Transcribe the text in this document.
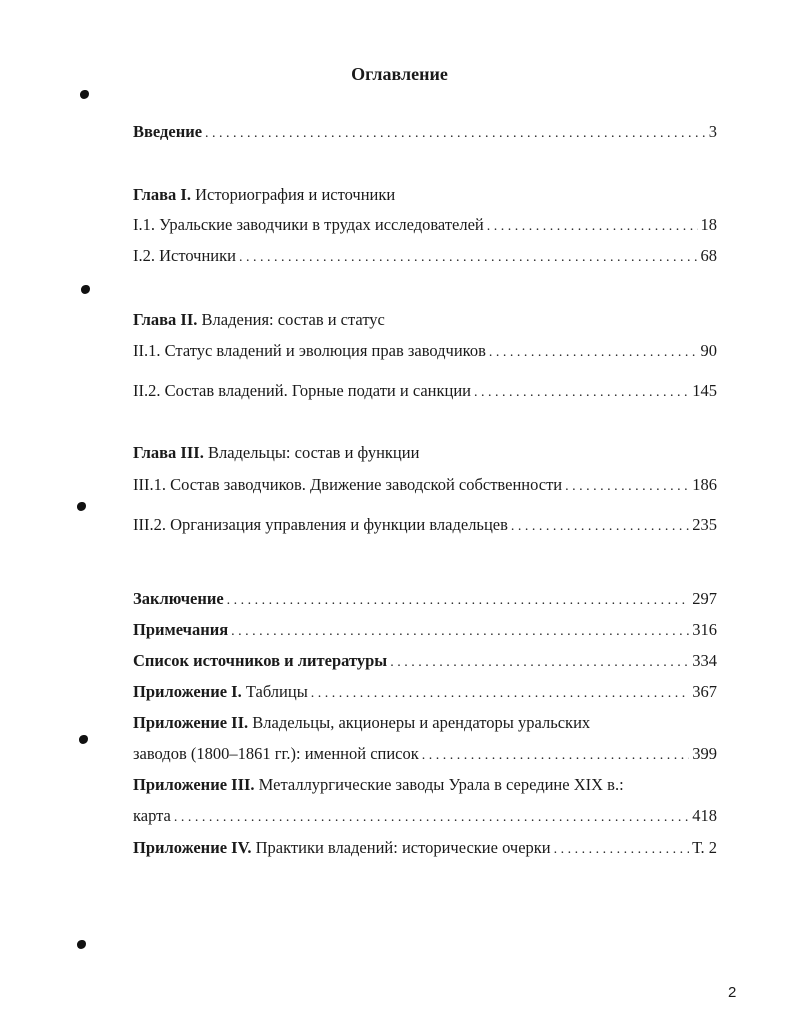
Оглавление
Введение . . .	3
Глава I. Историография и источники
I.1. Уральские заводчики в трудах исследователей . . .	18
I.2. Источники . . .	68
Глава II. Владения: состав и статус
II.1. Статус владений и эволюция прав заводчиков . . .	90
II.2. Состав владений. Горные подати и санкции . . .	145
Глава III. Владельцы: состав и функции
III.1. Состав заводчиков. Движение заводской собственности . . .	186
III.2. Организация управления и функции владельцев . . .	235
Заключение . . .	297
Примечания . . .	316
Список источников и литературы . . .	334
Приложение I. Таблицы . . .	367
Приложение II. Владельцы, акционеры и арендаторы уральских
заводов (1800–1861 гг.): именной список . . .	399
Приложение III. Металлургические заводы Урала в середине XIX в.:
карта . . .	418
Приложение IV. Практики владений: исторические очерки . . .	Т. 2
2
